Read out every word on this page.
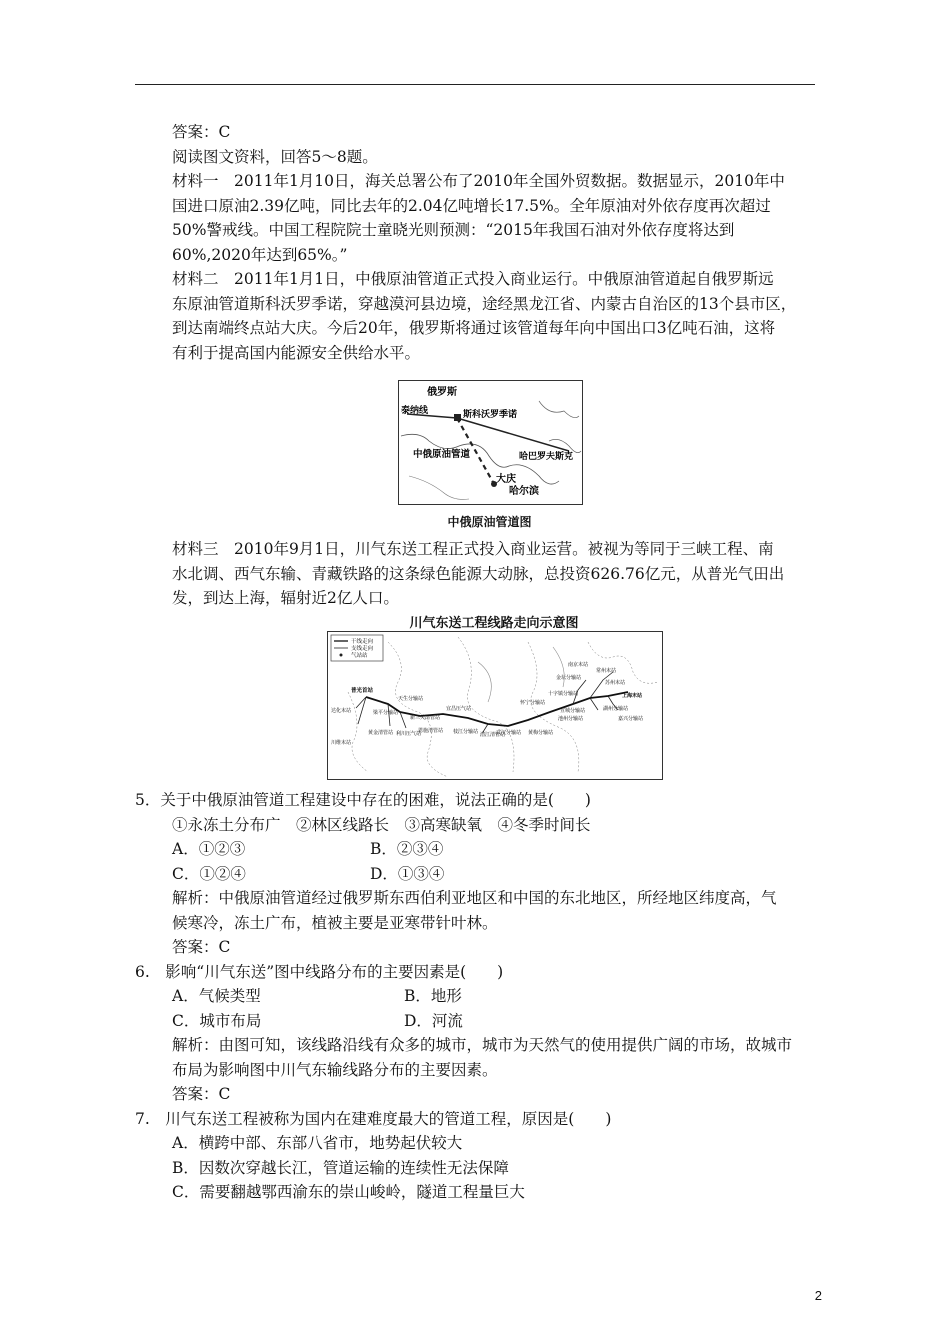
答案：C

阅读图文资料，回答5～8题。

材料一　2011年1月10日，海关总署公布了2010年全国外贸数据。数据显示，2010年中

国进口原油2.39亿吨，同比去年的2.04亿吨增长17.5%。全年原油对外依存度再次超过

50%警戒线。中国工程院院士童晓光则预测：“2015年我国石油对外依存度将达到

60%,2020年达到65%。”

材料二　2011年1月1日，中俄原油管道正式投入商业运行。中俄原油管道起自俄罗斯远

东原油管道斯科沃罗季诺，穿越漠河县边境，途经黑龙江省、内蒙古自治区的13个县市区，

到达南端终点站大庆。今后20年，俄罗斯将通过该管道每年向中国出口3亿吨石油，这将

有利于提高国内能源安全供给水平。

俄罗斯
泰纳线	斯科沃罗季诺
中俄原油管道	哈巴罗夫斯克
大庆
哈尔滨
中俄原油管道图

材料三　2010年9月1日，川气东送工程正式投入商业运营。被视为等同于三峡工程、南

水北调、西气东输、青藏铁路的这条绿色能源大动脉，总投资626.76亿元，从普光气田出

发，到达上海，辐射近2亿人口。

川气东送工程线路走向示意图
干线走向
支线走向
气站站
普光首站
达化末站
川维末站
天生分输站
梁平分输站
黄金清管站 利川压气站
新三关清管站
恩施清管站
宜昌压气站
枝江分输站 潜江清管站
武汉分输站 黄梅分输站
怀宁分输站
十字镇分输站
金坛分输站
南京末站
常州末站
苏州末站
上海末站
宣城分输站
池州分输站
湖州分输站
嘉兴分输站

5．关于中俄原油管道工程建设中存在的困难，说法正确的是(　　)

①永冻土分布广　②林区线路长　③高寒缺氧　④冬季时间长

A．①②③	B．②③④
C．①②④	D．①③④

解析：中俄原油管道经过俄罗斯东西伯利亚地区和中国的东北地区，所经地区纬度高，气

候寒冷，冻土广布，植被主要是亚寒带针叶林。

答案：C

6.　影响“川气东送”图中线路分布的主要因素是(　　)

A．气候类型	B．地形
C．城市布局	D．河流

解析：由图可知，该线路沿线有众多的城市，城市为天然气的使用提供广阔的市场，故城市

布局为影响图中川气东输线路分布的主要因素。

答案：C

7.　川气东送工程被称为国内在建难度最大的管道工程，原因是(　　)

A．横跨中部、东部八省市，地势起伏较大

B．因数次穿越长江，管道运输的连续性无法保障

C．需要翻越鄂西渝东的崇山峻岭，隧道工程量巨大

2
